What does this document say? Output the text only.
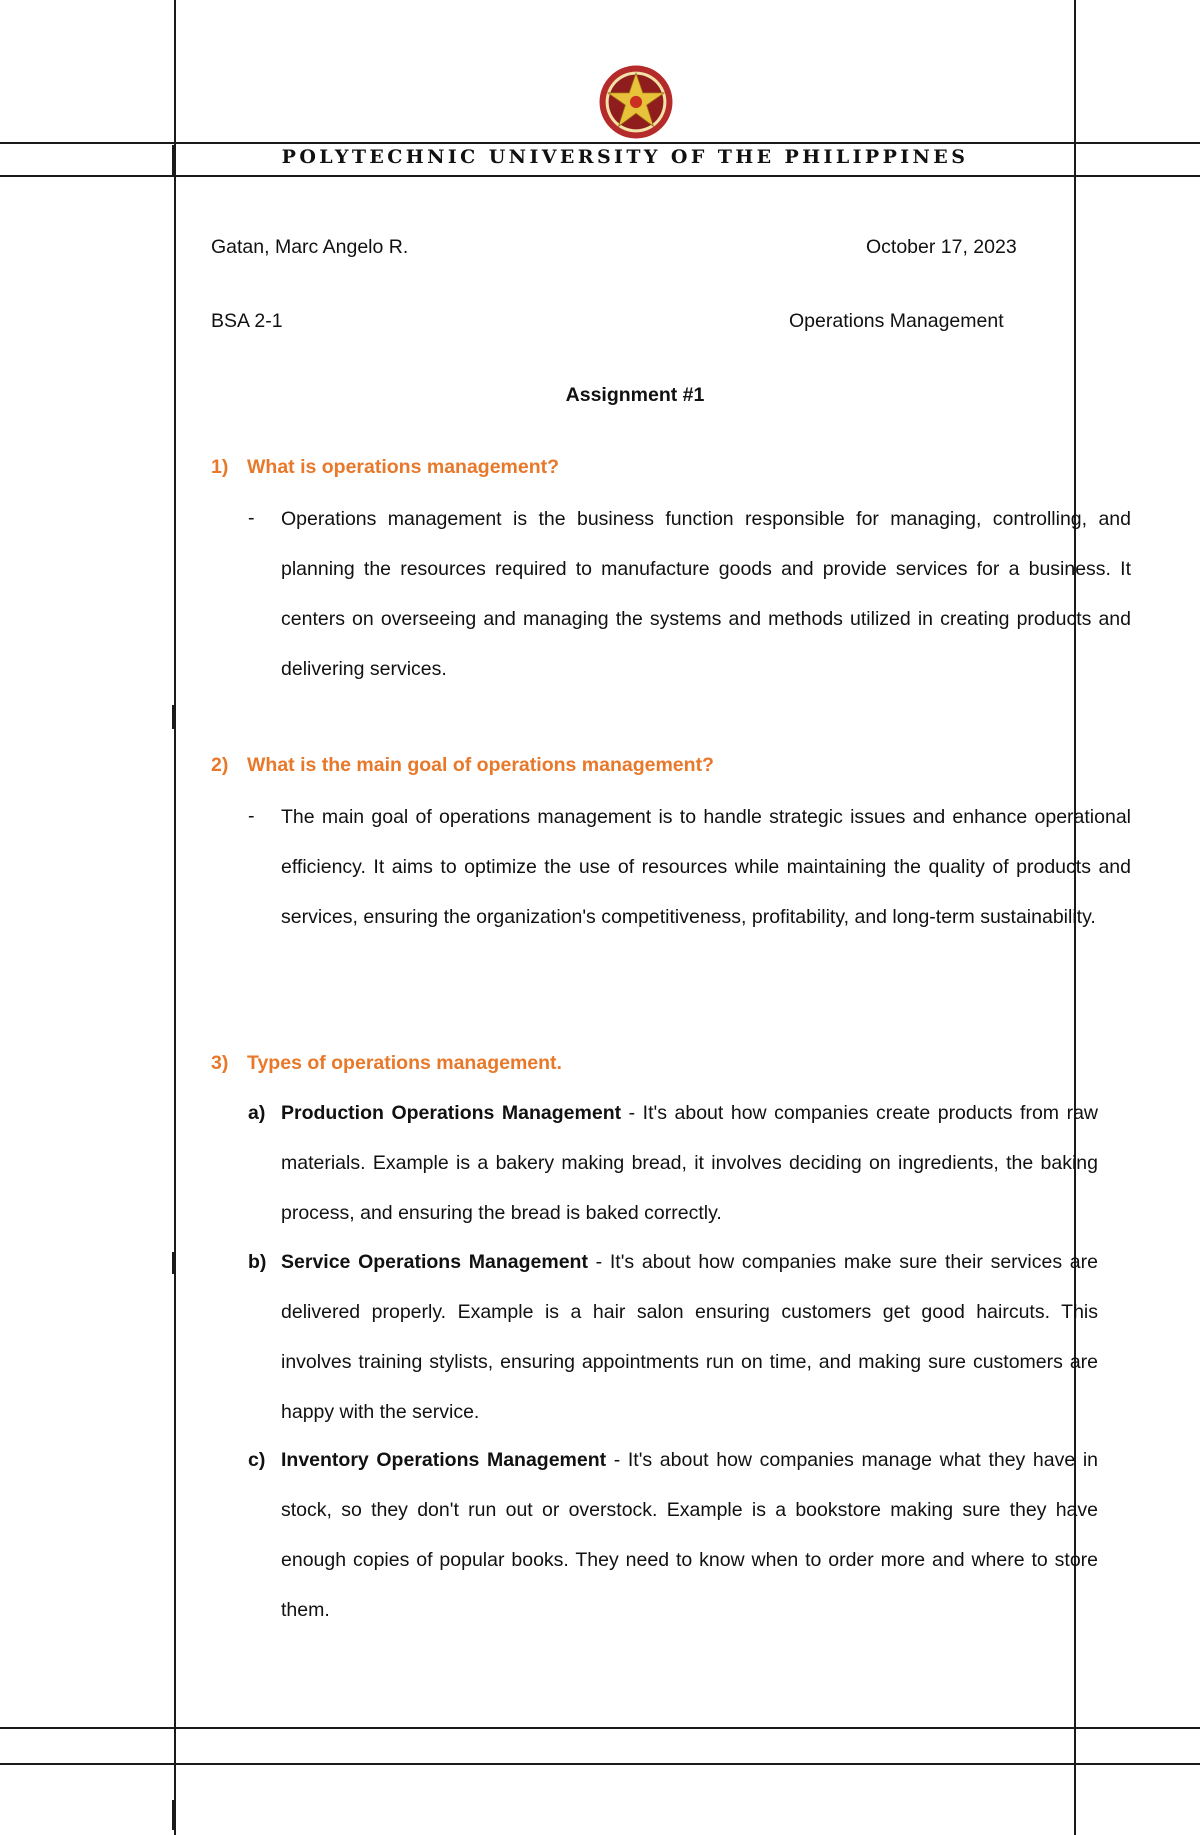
POLYTECHNIC UNIVERSITY OF THE PHILIPPINES
Gatan, Marc Angelo R.	October 17, 2023
BSA 2-1	Operations Management
Assignment #1
1) What is operations management?
- Operations management is the business function responsible for managing, controlling, and planning the resources required to manufacture goods and provide services for a business. It centers on overseeing and managing the systems and methods utilized in creating products and delivering services.
2) What is the main goal of operations management?
- The main goal of operations management is to handle strategic issues and enhance operational efficiency. It aims to optimize the use of resources while maintaining the quality of products and services, ensuring the organization's competitiveness, profitability, and long-term sustainability.
3) Types of operations management.
a) Production Operations Management - It's about how companies create products from raw materials. Example is a bakery making bread, it involves deciding on ingredients, the baking process, and ensuring the bread is baked correctly.
b) Service Operations Management - It's about how companies make sure their services are delivered properly. Example is a hair salon ensuring customers get good haircuts. This involves training stylists, ensuring appointments run on time, and making sure customers are happy with the service.
c) Inventory Operations Management - It's about how companies manage what they have in stock, so they don't run out or overstock. Example is a bookstore making sure they have enough copies of popular books. They need to know when to order more and where to store them.
